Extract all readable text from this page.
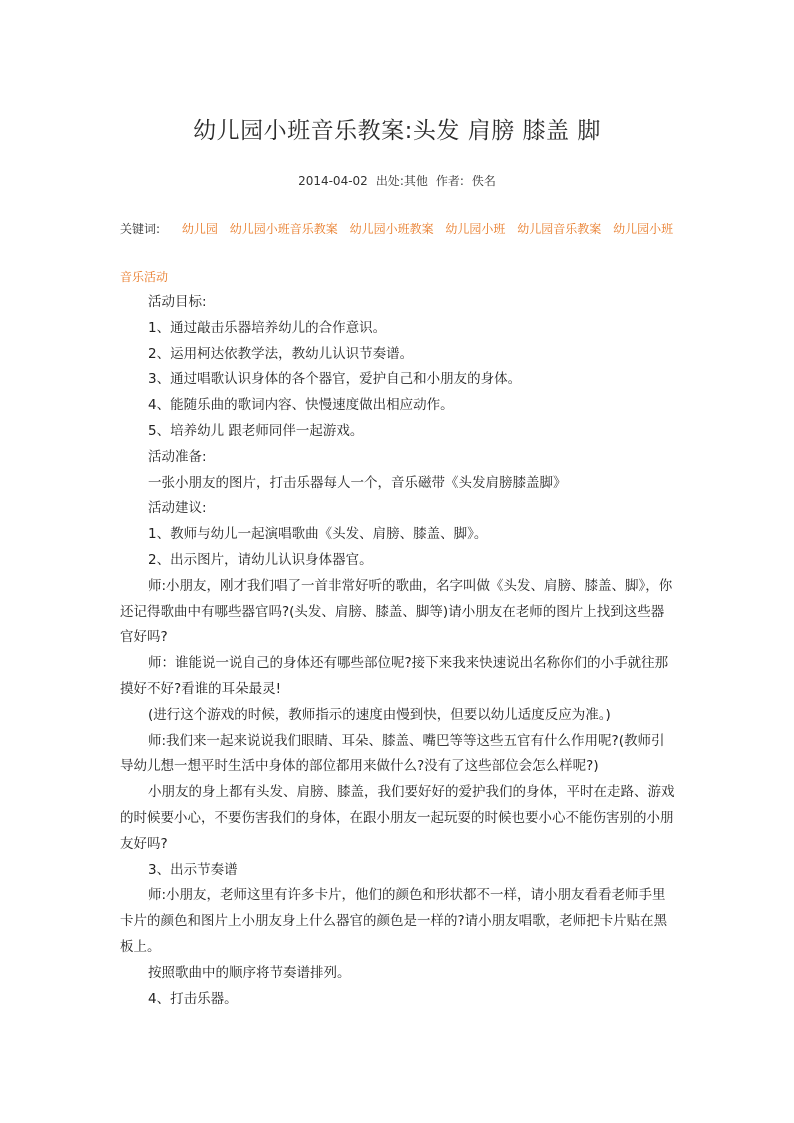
幼儿园小班音乐教案:头发 肩膀 膝盖 脚
2014-04-02 出处:其他 作者: 佚名
关键词: 幼儿园 幼儿园小班音乐教案 幼儿园小班教案 幼儿园小班 幼儿园音乐教案 幼儿园小班
音乐活动

活动目标:

1、通过敲击乐器培养幼儿的合作意识。

2、运用柯达依教学法，教幼儿认识节奏谱。

3、通过唱歌认识身体的各个器官，爱护自己和小朋友的身体。

4、能随乐曲的歌词内容、快慢速度做出相应动作。

5、培养幼儿 跟老师同伴一起游戏。

活动准备:

一张小朋友的图片，打击乐器每人一个，音乐磁带《头发肩膀膝盖脚》

活动建议:

1、教师与幼儿一起演唱歌曲《头发、肩膀、膝盖、脚》。

2、出示图片，请幼儿认识身体器官。

师:小朋友，刚才我们唱了一首非常好听的歌曲，名字叫做《头发、肩膀、膝盖、脚》，你还记得歌曲中有哪些器官吗?(头发、肩膀、膝盖、脚等)请小朋友在老师的图片上找到这些器官好吗?

师：谁能说一说自己的身体还有哪些部位呢?接下来我来快速说出名称你们的小手就往那摸好不好?看谁的耳朵最灵!

(进行这个游戏的时候，教师指示的速度由慢到快，但要以幼儿适度反应为准。)

师:我们来一起来说说我们眼睛、耳朵、膝盖、嘴巴等等这些五官有什么作用呢?(教师引导幼儿想一想平时生活中身体的部位都用来做什么?没有了这些部位会怎么样呢?)

小朋友的身上都有头发、肩膀、膝盖，我们要好好的爱护我们的身体，平时在走路、游戏的时候要小心，不要伤害我们的身体，在跟小朋友一起玩耍的时候也要小心不能伤害别的小朋友好吗?

3、出示节奏谱

师:小朋友，老师这里有许多卡片，他们的颜色和形状都不一样，请小朋友看看老师手里卡片的颜色和图片上小朋友身上什么器官的颜色是一样的?请小朋友唱歌，老师把卡片贴在黑板上。

按照歌曲中的顺序将节奏谱排列。

4、打击乐器。
